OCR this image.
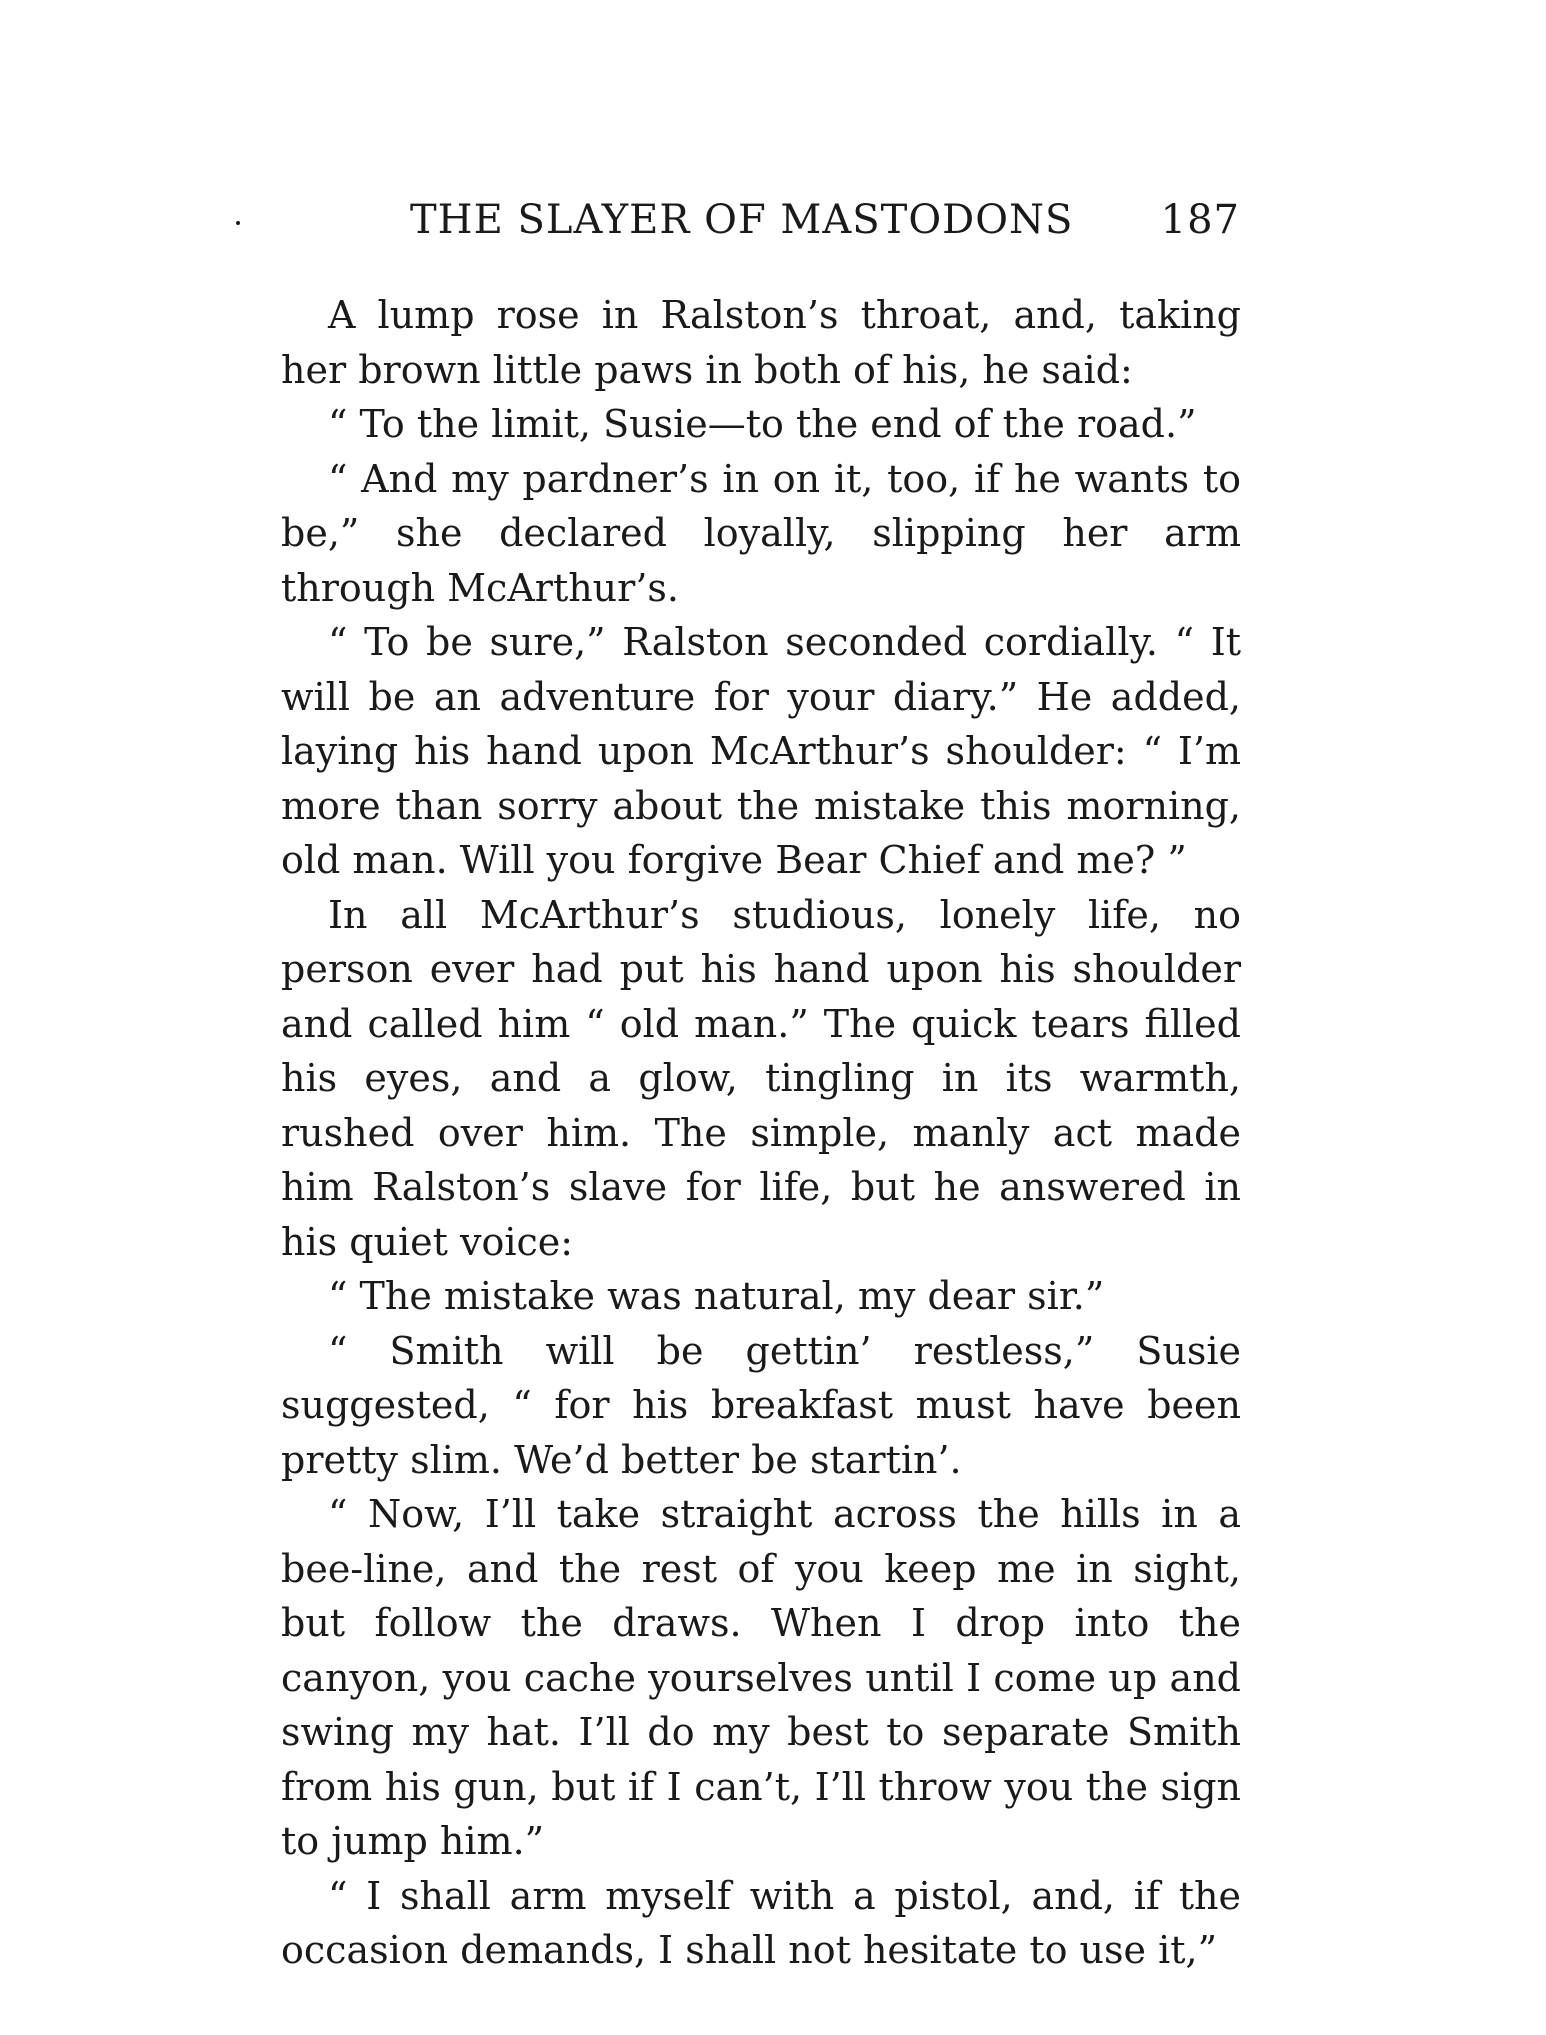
THE SLAYER OF MASTODONS 187

A lump rose in Ralston’s throat, and, taking her brown little paws in both of his, he said:

“ To the limit, Susie—to the end of the road.”

“ And my pardner’s in on it, too, if he wants to be,” she declared loyally, slipping her arm through McArthur’s.

“ To be sure,” Ralston seconded cordially. “ It will be an adventure for your diary.” He added, laying his hand upon McArthur’s shoulder: “ I’m more than sorry about the mistake this morning, old man. Will you forgive Bear Chief and me? ”

In all McArthur’s studious, lonely life, no person ever had put his hand upon his shoulder and called him “ old man.” The quick tears filled his eyes, and a glow, tingling in its warmth, rushed over him. The simple, manly act made him Ralston’s slave for life, but he answered in his quiet voice:

“ The mistake was natural, my dear sir.”

“ Smith will be gettin’ restless,” Susie suggested, “ for his breakfast must have been pretty slim. We’d better be startin’.

“ Now, I’ll take straight across the hills in a bee-line, and the rest of you keep me in sight, but follow the draws. When I drop into the canyon, you cache yourselves until I come up and swing my hat. I’ll do my best to separate Smith from his gun, but if I can’t, I’ll throw you the sign to jump him.”

“ I shall arm myself with a pistol, and, if the occasion demands, I shall not hesitate to use it,”
